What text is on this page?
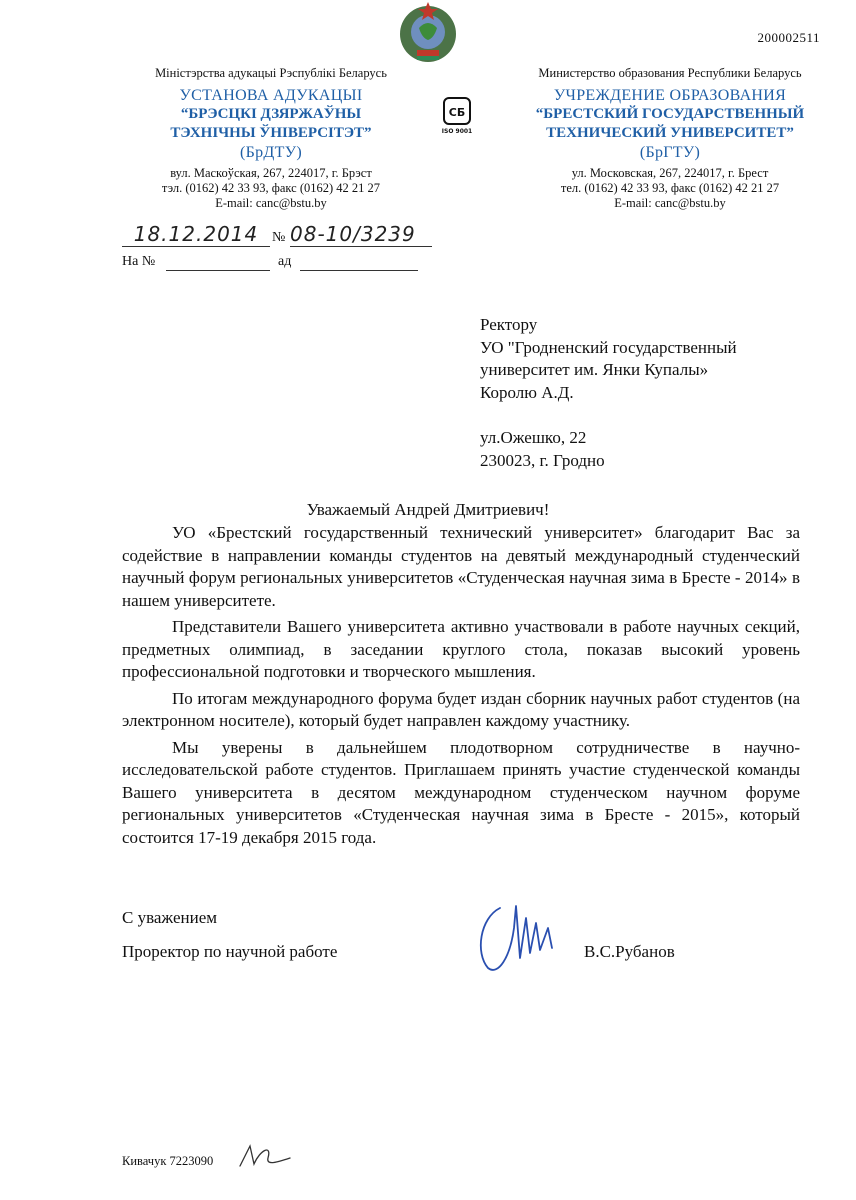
200002511
Міністэрства адукацыі Рэспублікі Беларусь
УСТАНОВА АДУКАЦЫІ
“БРЭСЦКІ ДЗЯРЖАЎНЫ
ТЭХНІЧНЫ ЎНІВЕРСІТЭТ”
(БрДТУ)
вул. Маскоўская, 267, 224017, г. Брэст
тэл. (0162) 42 33 93, факс (0162) 42 21 27
E-mail: canc@bstu.by
СБ
ISO 9001
Министерство образования Республики Беларусь
УЧРЕЖДЕНИЕ ОБРАЗОВАНИЯ
“БРЕСТСКИЙ ГОСУДАРСТВЕННЫЙ
ТЕХНИЧЕСКИЙ УНИВЕРСИТЕТ”
(БрГТУ)
ул. Московская, 267, 224017, г. Брест
тел. (0162) 42 33 93, факс (0162) 42 21 27
E-mail: canc@bstu.by
18.12.2014 № 08-10/3239
На №	ад
Ректору
УО "Гродненский государственный
университет им. Янки Купалы»
Королю А.Д.
ул.Ожешко, 22
230023, г. Гродно
Уважаемый Андрей Дмитриевич!

УО «Брестский государственный технический университет» благодарит Вас за содействие в направлении команды студентов на девятый международный студенческий научный форум региональных университетов «Студенческая научная зима в Бресте - 2014» в нашем университете.

Представители Вашего университета активно участвовали в работе научных секций, предметных олимпиад, в заседании круглого стола, показав высокий уровень профессиональной подготовки и творческого мышления.

По итогам международного форума будет издан сборник научных работ студентов (на электронном носителе), который будет направлен каждому участнику.

Мы уверены в дальнейшем плодотворном сотрудничестве в научно-исследовательской работе студентов. Приглашаем принять участие студенческой команды Вашего университета в десятом международном студенческом научном форуме региональных университетов «Студенческая научная зима в Бресте - 2015», который состоится 17-19 декабря 2015 года.

С уважением
Проректор по научной работе	В.С.Рубанов
Кивачук 7223090
